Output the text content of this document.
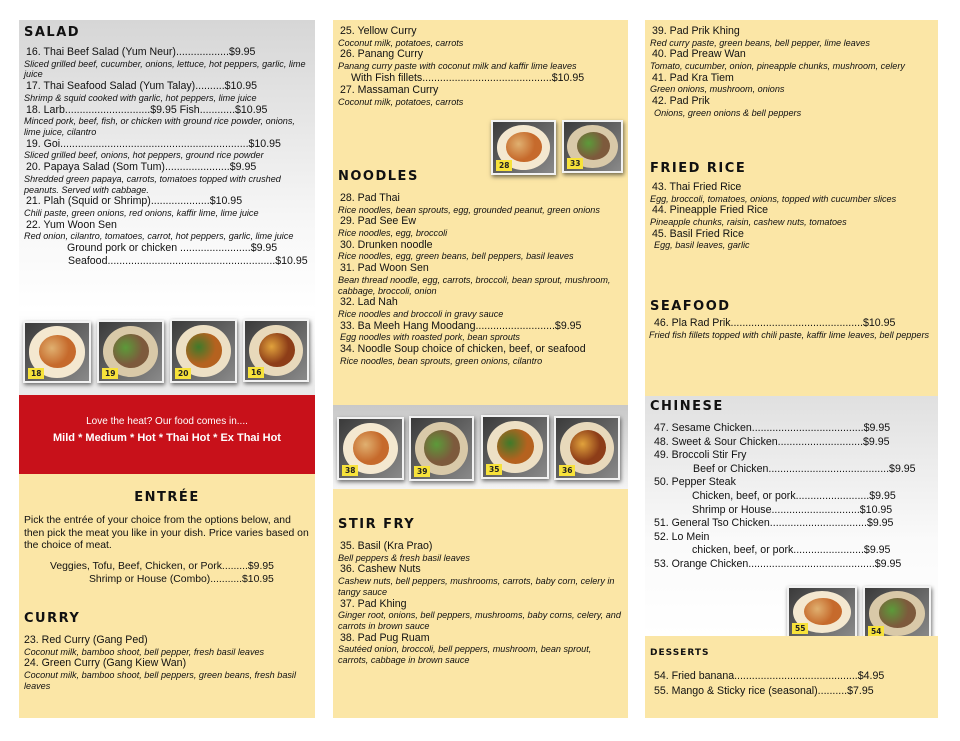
SALAD
16. Thai Beef Salad (Yum Neur)..................$9.95
Sliced grilled beef, cucumber, onions, lettuce, hot peppers, garlic, lime juice
17. Thai Seafood Salad (Yum Talay)..........$10.95
Shrimp & squid cooked with garlic, hot peppers, lime juice
18. Larb.............................$9.95 Fish............$10.95
Minced pork, beef, fish, or chicken with ground rice powder, onions, lime juice, cilantro
19. Goi................................................................$10.95
Sliced grilled beef, onions, hot peppers, ground rice powder
20. Papaya Salad (Som Tum)......................$9.95
Shredded green papaya, carrots, tomatoes topped with crushed peanuts. Served with cabbage.
21. Plah (Squid or Shrimp)....................$10.95
Chili paste, green onions, red onions, kaffir lime, lime juice
22. Yum Woon Sen
Red onion, cilantro, tomatoes, carrot, hot peppers, garlic, lime juice
Ground pork or chicken ........................$9.95
Seafood.........................................................$10.95
18	19	20	16
Love the heat? Our food comes in....
Mild * Medium * Hot * Thai Hot * Ex Thai Hot
ENTRÉE
Pick the entrée of your choice from the options below, and then pick the meat you like in your dish. Price varies based on the choice of meat.
Veggies, Tofu, Beef, Chicken, or Pork.........$9.95
Shrimp or House (Combo)...........$10.95
CURRY
23. Red Curry (Gang Ped)
Coconut milk, bamboo shoot, bell pepper, fresh basil leaves
24. Green Curry (Gang Kiew Wan)
Coconut milk, bamboo shoot, bell peppers, green beans, fresh basil leaves
25. Yellow Curry
Coconut milk, potatoes, carrots
26. Panang Curry
Panang curry paste with coconut milk and kaffir lime leaves
With Fish fillets............................................$10.95
27. Massaman Curry
Coconut milk, potatoes, carrots
28	33
NOODLES
28. Pad Thai
Rice noodles, bean sprouts, egg, grounded peanut, green onions
29. Pad See Ew
Rice noodles, egg, broccoli
30. Drunken noodle
Rice noodles, egg, green beans, bell peppers, basil leaves
31. Pad Woon Sen
Bean thread noodle, egg, carrots, broccoli, bean sprout, mushroom, cabbage, broccoli, onion
32. Lad Nah
Rice noodles and broccoli in gravy sauce
33. Ba Meeh Hang Moodang...........................$9.95
Egg noodles with roasted pork, bean sprouts
34. Noodle Soup choice of chicken, beef, or seafood
Rice noodles, bean sprouts, green onions, cilantro
38	39	35	36
STIR FRY
35. Basil (Kra Prao)
Bell peppers & fresh basil leaves
36. Cashew Nuts
Cashew nuts, bell peppers, mushrooms, carrots, baby corn, celery in tangy sauce
37. Pad Khing
Ginger root, onions, bell peppers, mushrooms, baby corns, celery, and carrots in brown sauce
38. Pad Pug Ruam
Sautéed onion, broccoli, bell peppers, mushroom, bean sprout, carrots, cabbage in brown sauce
39. Pad Prik Khing
Red curry paste, green beans, bell pepper, lime leaves
40. Pad Preaw Wan
Tomato, cucumber, onion, pineapple chunks, mushroom, celery
41. Pad Kra Tiem
Green onions, mushroom, onions
42. Pad Prik
Onions, green onions & bell peppers
FRIED RICE
43. Thai Fried Rice
Egg, broccoli, tomatoes, onions, topped with cucumber slices
44. Pineapple Fried Rice
Pineapple chunks, raisin, cashew nuts, tomatoes
45. Basil Fried Rice
Egg, basil leaves, garlic
SEAFOOD
46. Pla Rad Prik.............................................$10.95
Fried fish fillets topped with chili paste, kaffir lime leaves, bell peppers
CHINESE
47. Sesame Chicken......................................$9.95
48. Sweet & Sour Chicken.............................$9.95
49. Broccoli Stir Fry
Beef or Chicken.........................................$9.95
50. Pepper Steak
Chicken, beef, or pork.........................$9.95
Shrimp or House..............................$10.95
51. General Tso Chicken.................................$9.95
52. Lo Mein
chicken, beef, or pork........................$9.95
53. Orange Chicken...........................................$9.95
55	54
DESSERTS
54. Fried banana..........................................$4.95
55. Mango & Sticky rice (seasonal)..........$7.95
